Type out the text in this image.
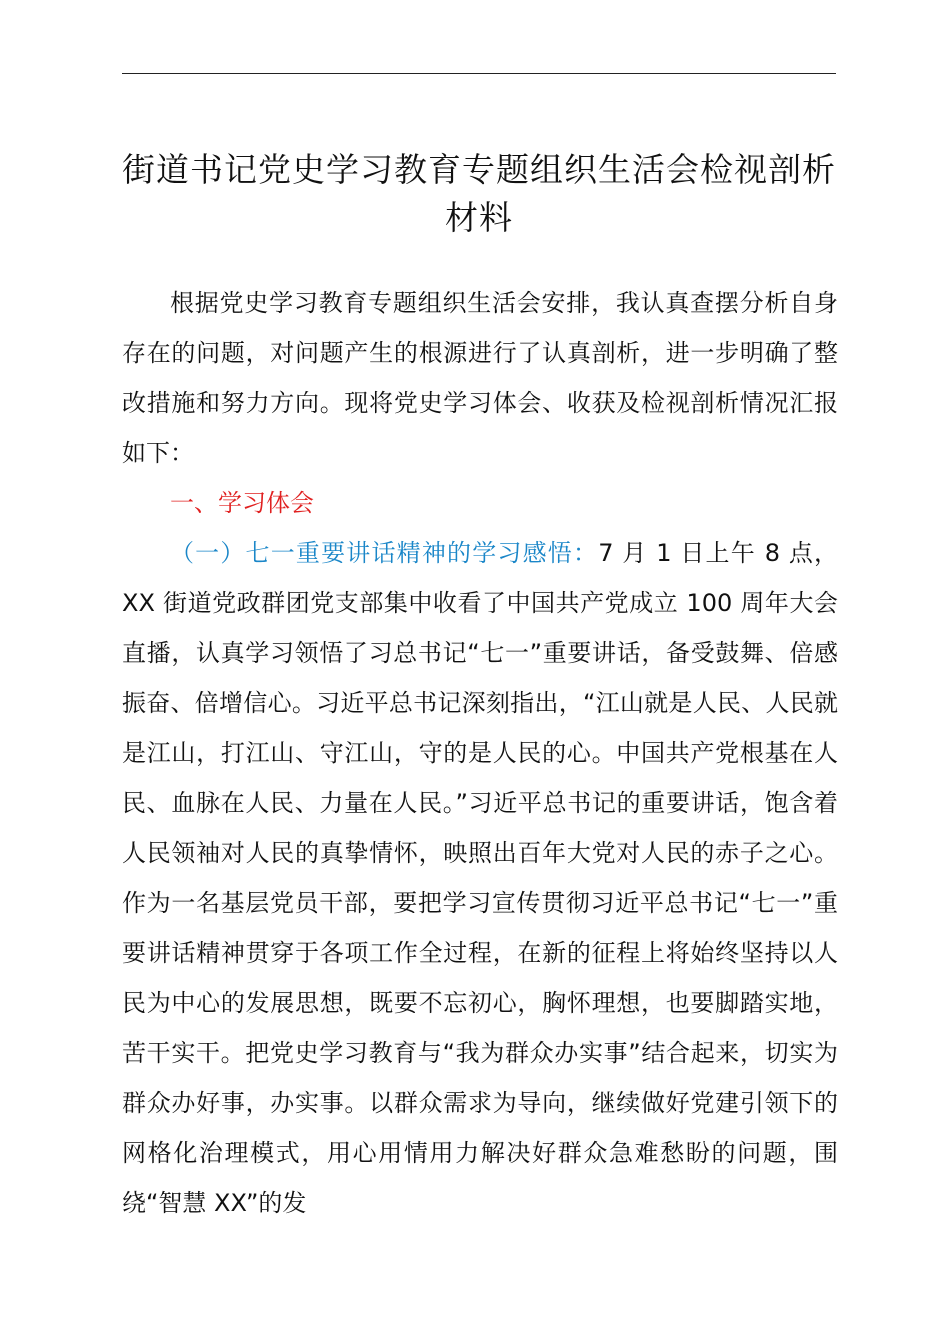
街道书记党史学习教育专题组织生活会检视剖析材料

根据党史学习教育专题组织生活会安排，我认真查摆分析自身存在的问题，对问题产生的根源进行了认真剖析，进一步明确了整改措施和努力方向。现将党史学习体会、收获及检视剖析情况汇报如下：

一、学习体会

（一）七一重要讲话精神的学习感悟：7 月 1 日上午 8 点，XX 街道党政群团党支部集中收看了中国共产党成立 100 周年大会直播，认真学习领悟了习总书记“七一”重要讲话，备受鼓舞、倍感振奋、倍增信心。习近平总书记深刻指出，“江山就是人民、人民就是江山，打江山、守江山，守的是人民的心。中国共产党根基在人民、血脉在人民、力量在人民。”习近平总书记的重要讲话，饱含着人民领袖对人民的真挚情怀，映照出百年大党对人民的赤子之心。作为一名基层党员干部，要把学习宣传贯彻习近平总书记“七一”重要讲话精神贯穿于各项工作全过程，在新的征程上将始终坚持以人民为中心的发展思想，既要不忘初心，胸怀理想，也要脚踏实地，苦干实干。把党史学习教育与“我为群众办实事”结合起来，切实为群众办好事，办实事。以群众需求为导向，继续做好党建引领下的网格化治理模式，用心用情用力解决好群众急难愁盼的问题，围绕“智慧 XX”的发
